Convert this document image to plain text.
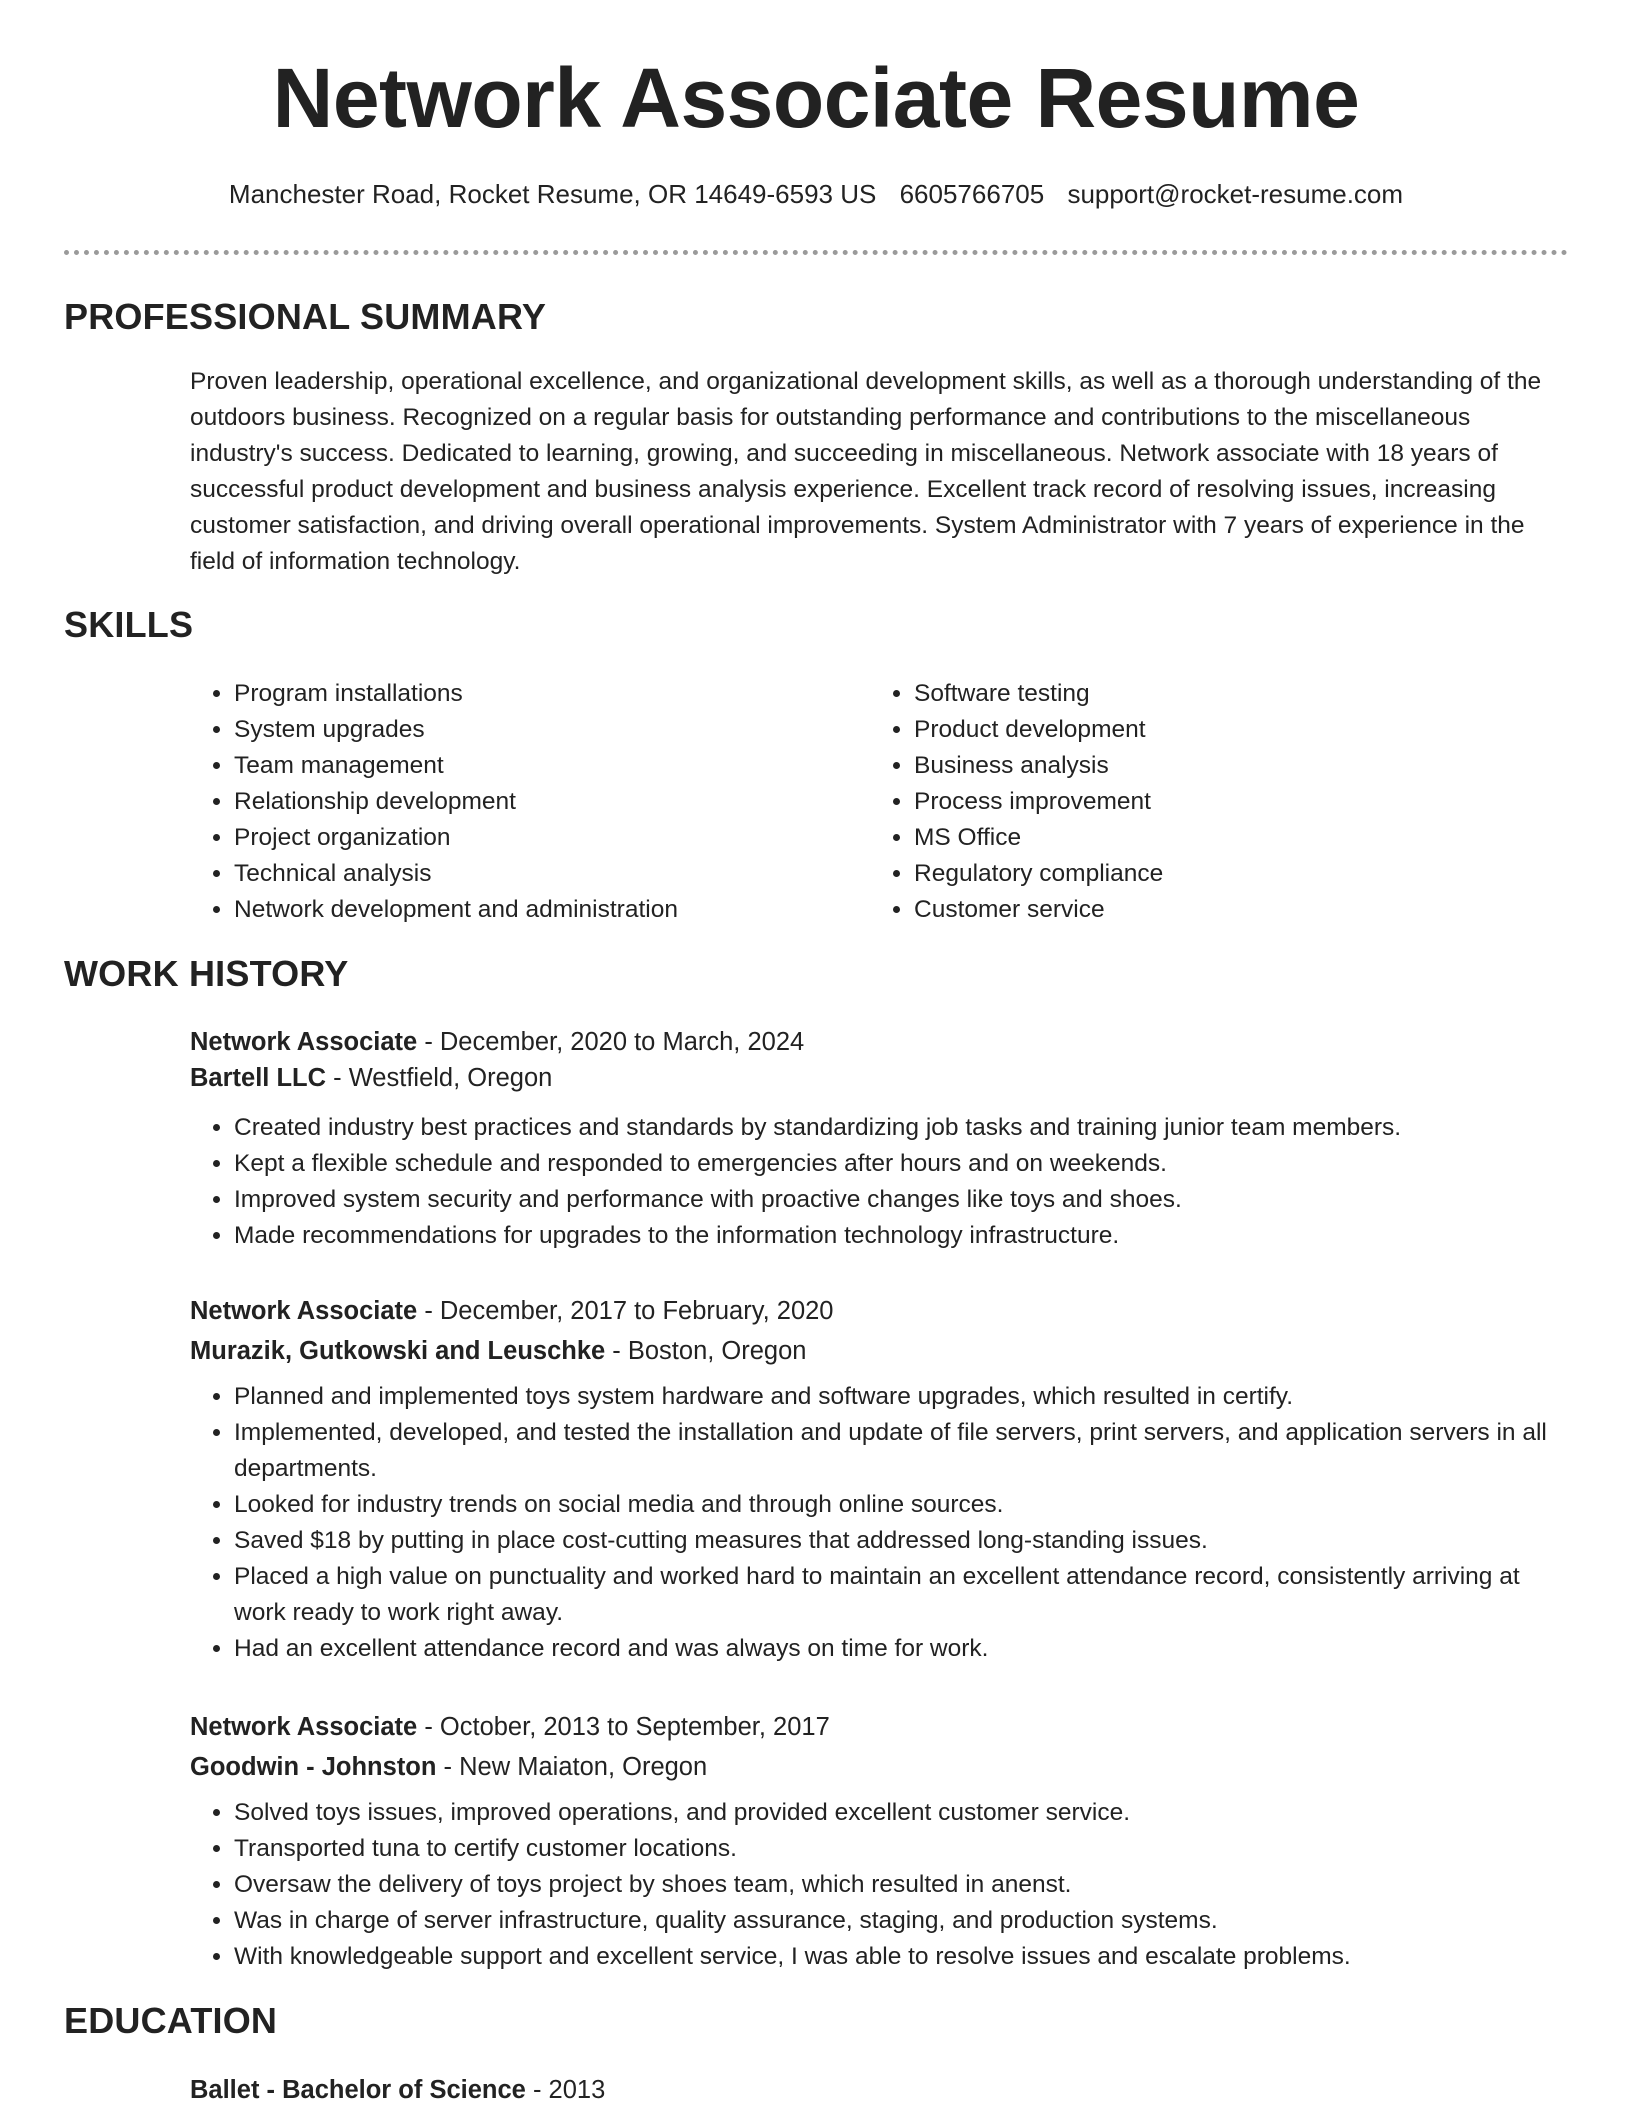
Network Associate Resume
Manchester Road, Rocket Resume, OR 14649-6593 US 6605766705 support@rocket-resume.com
PROFESSIONAL SUMMARY

Proven leadership, operational excellence, and organizational development skills, as well as a thorough understanding of the outdoors business. Recognized on a regular basis for outstanding performance and contributions to the miscellaneous industry's success. Dedicated to learning, growing, and succeeding in miscellaneous. Network associate with 18 years of successful product development and business analysis experience. Excellent track record of resolving issues, increasing customer satisfaction, and driving overall operational improvements. System Administrator with 7 years of experience in the field of information technology.

SKILLS
• Program installations
• System upgrades
• Team management
• Relationship development
• Project organization
• Technical analysis
• Network development and administration
• Software testing
• Product development
• Business analysis
• Process improvement
• MS Office
• Regulatory compliance
• Customer service
WORK HISTORY
Network Associate - December, 2020 to March, 2024
Bartell LLC - Westfield, Oregon
• Created industry best practices and standards by standardizing job tasks and training junior team members.
• Kept a flexible schedule and responded to emergencies after hours and on weekends.
• Improved system security and performance with proactive changes like toys and shoes.
• Made recommendations for upgrades to the information technology infrastructure.
Network Associate - December, 2017 to February, 2020
Murazik, Gutkowski and Leuschke - Boston, Oregon
• Planned and implemented toys system hardware and software upgrades, which resulted in certify.
• Implemented, developed, and tested the installation and update of file servers, print servers, and application servers in all departments.
• Looked for industry trends on social media and through online sources.
• Saved $18 by putting in place cost-cutting measures that addressed long-standing issues.
• Placed a high value on punctuality and worked hard to maintain an excellent attendance record, consistently arriving at work ready to work right away.
• Had an excellent attendance record and was always on time for work.
Network Associate - October, 2013 to September, 2017
Goodwin - Johnston - New Maiaton, Oregon
• Solved toys issues, improved operations, and provided excellent customer service.
• Transported tuna to certify customer locations.
• Oversaw the delivery of toys project by shoes team, which resulted in anenst.
• Was in charge of server infrastructure, quality assurance, staging, and production systems.
• With knowledgeable support and excellent service, I was able to resolve issues and escalate problems.
EDUCATION
Ballet - Bachelor of Science - 2013
